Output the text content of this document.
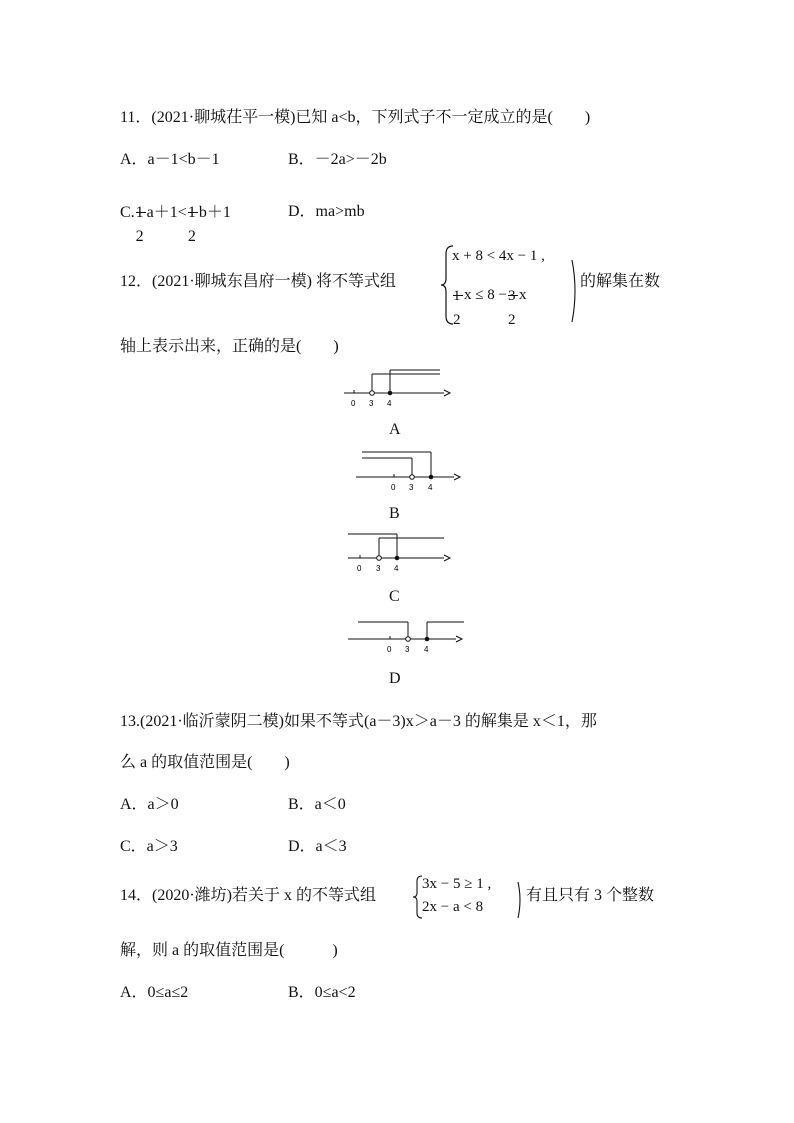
11．(2021·聊城茌平一模)已知 a<b，下列式子不一定成立的是(　　)
A．a－1<b－1	B．－2a>－2b
C. 1
2
a＋1< 1
2
b＋1	D．ma>mb
12．(2021·聊城东昌府一模) 将不等式组
x + 8 < 4x − 1 ,
1
2
x ≤ 8 − 3
2
x
的解集在数
轴上表示出来，正确的是(　　)
0 3 4
A
0 3 4
B
0 3 4
C
0 3 4
D
13.(2021·临沂蒙阴二模)如果不等式(a－3)x＞a－3 的解集是 x＜1，那
么 a 的取值范围是(　　)
A．a＞0	B．a＜0
C．a＞3	D．a＜3
14．(2020·潍坊)若关于 x 的不等式组
3x − 5 ≥ 1 ,
2x − a < 8
有且只有 3 个整数
解，则 a 的取值范围是(　　　)
A．0≤a≤2	B．0≤a<2
